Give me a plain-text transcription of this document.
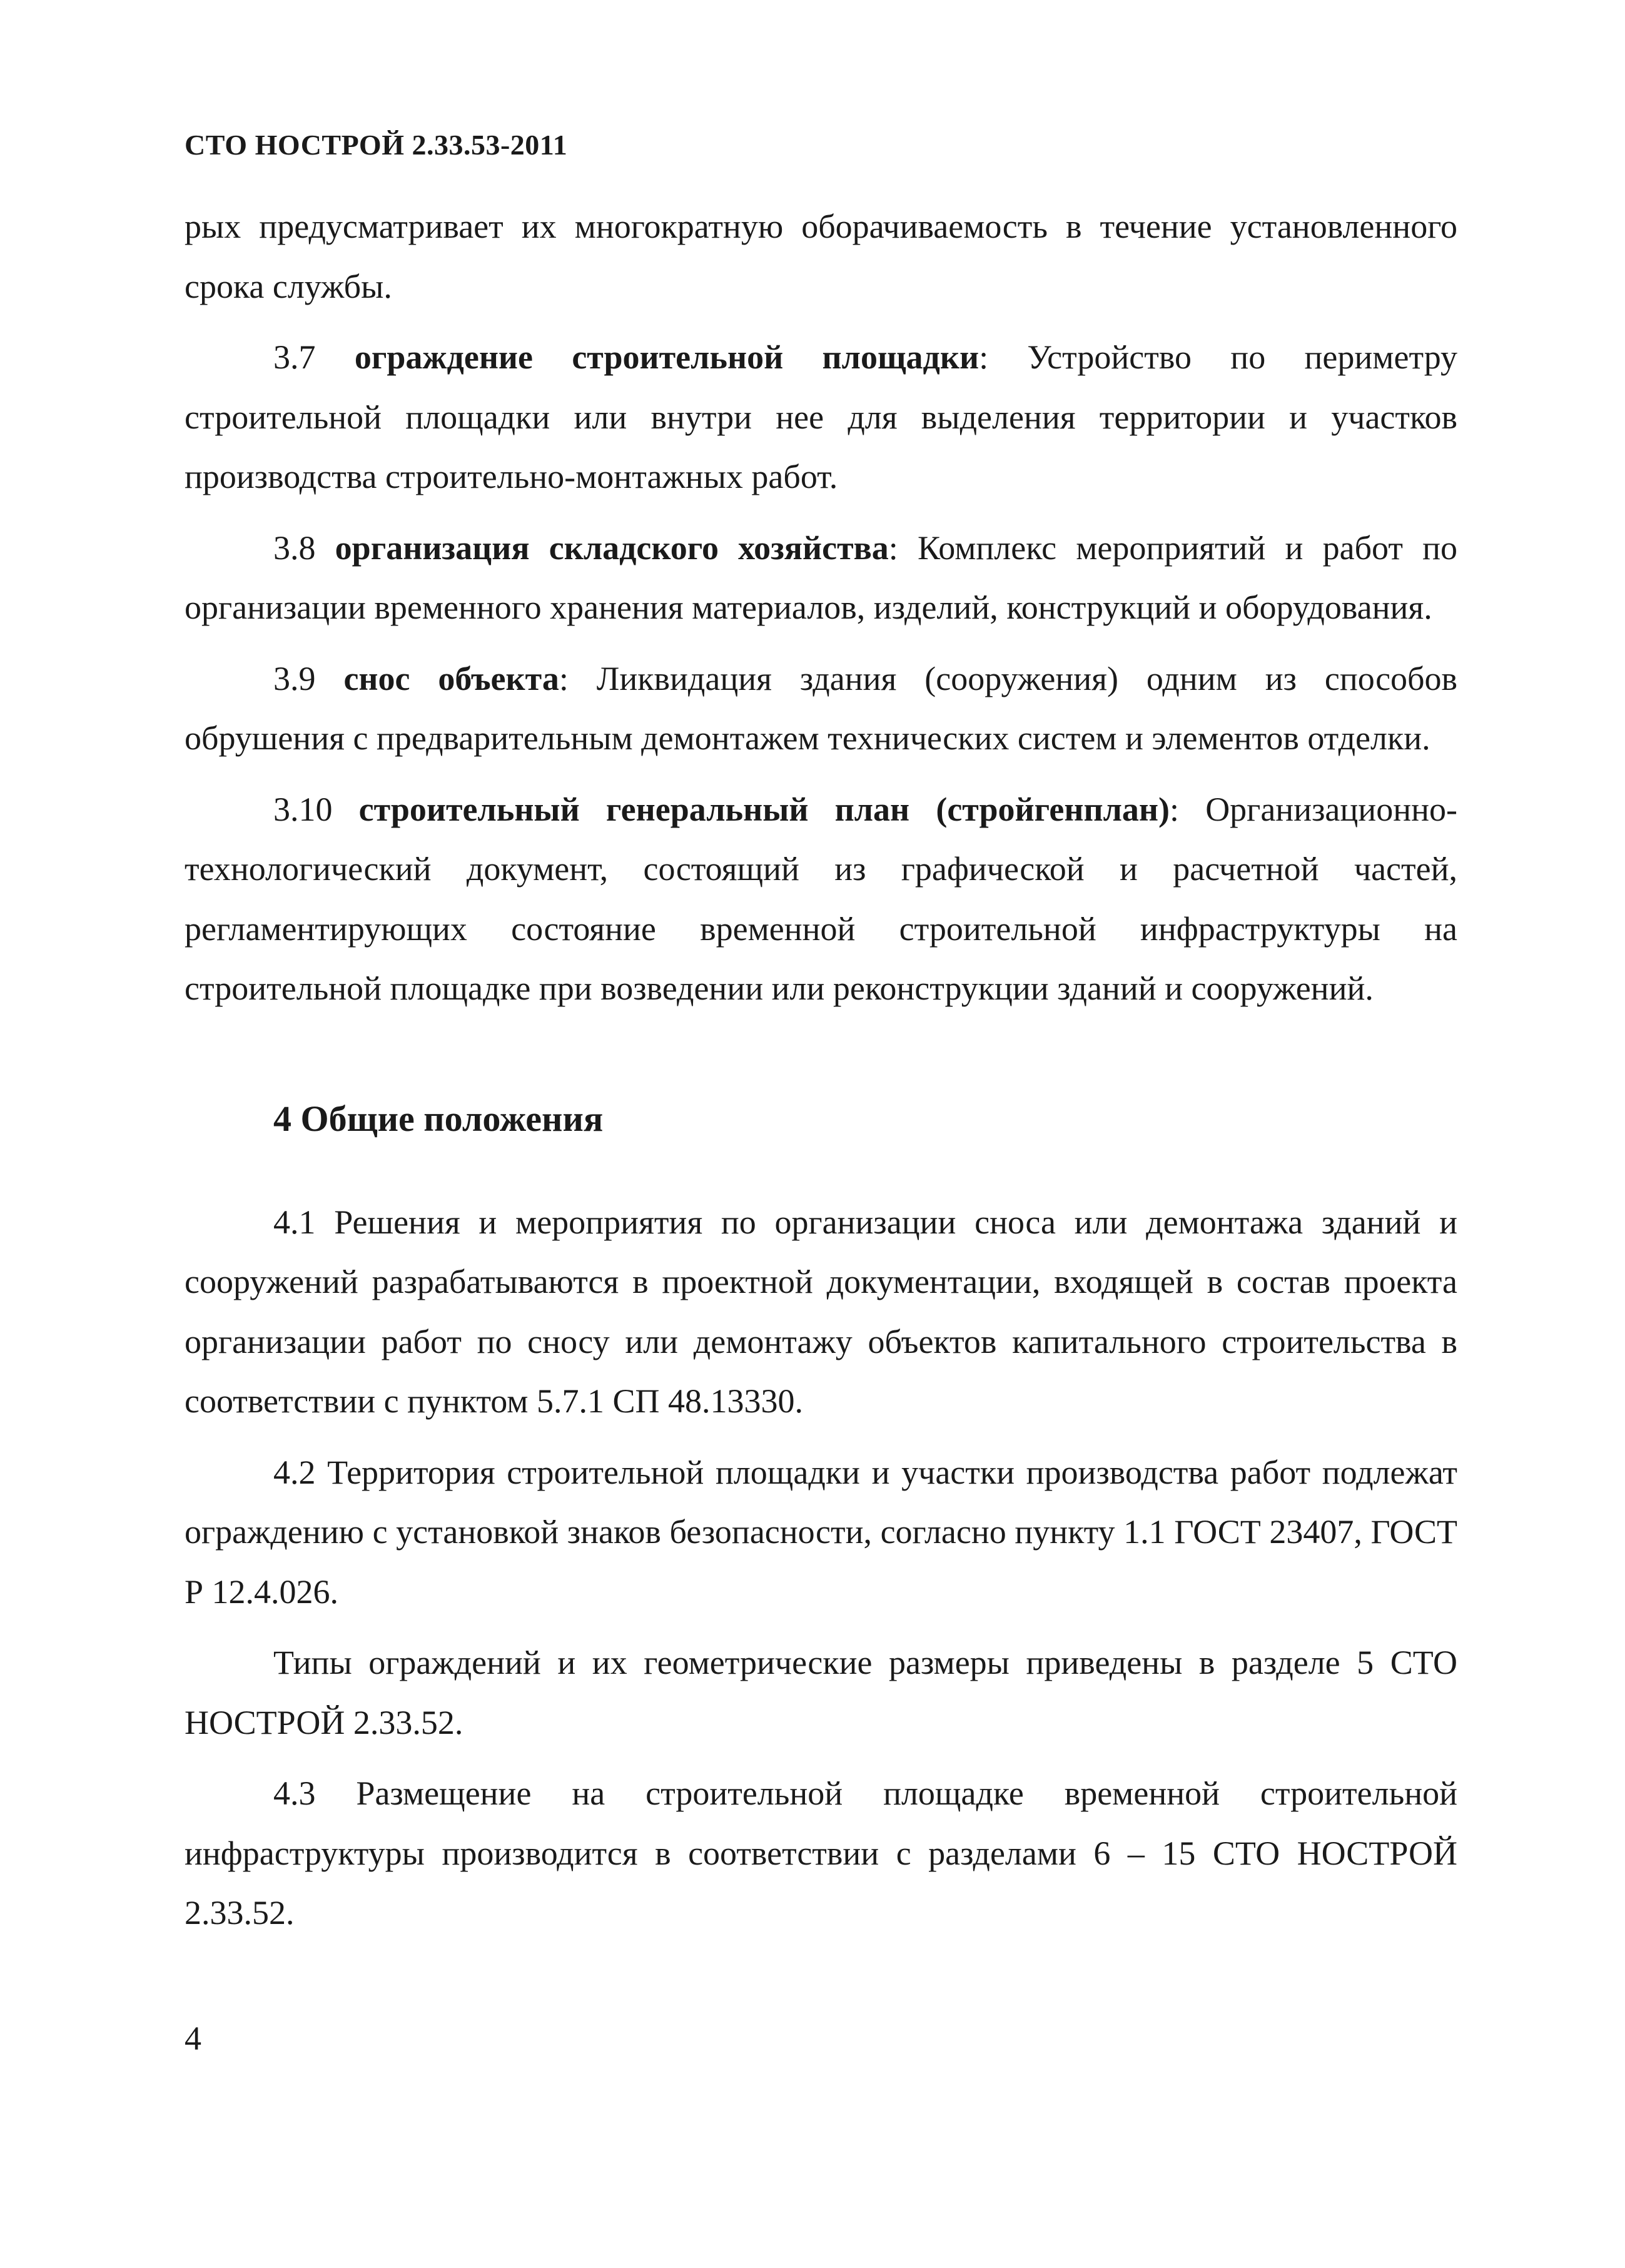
СТО НОСТРОЙ 2.33.53-2011

рых предусматривает их многократную оборачиваемость в течение установленного срока службы.

3.7 ограждение строительной площадки: Устройство по периметру строительной площадки или внутри нее для выделения территории и участков производства строительно-монтажных работ.

3.8 организация складского хозяйства: Комплекс мероприятий и работ по организации временного хранения материалов, изделий, конструкций и оборудования.

3.9 снос объекта: Ликвидация здания (сооружения) одним из способов обрушения с предварительным демонтажем технических систем и элементов отделки.

3.10 строительный генеральный план (стройгенплан): Организационно-технологический документ, состоящий из графической и расчетной частей, регламентирующих состояние временной строительной инфраструктуры на строительной площадке при возведении или реконструкции зданий и сооружений.

4 Общие положения

4.1 Решения и мероприятия по организации сноса или демонтажа зданий и сооружений разрабатываются в проектной документации, входящей в состав проекта организации работ по сносу или демонтажу объектов капитального строительства в соответствии с пунктом 5.7.1 СП 48.13330.

4.2 Территория строительной площадки и участки производства работ подлежат ограждению с установкой знаков безопасности, согласно пункту 1.1 ГОСТ 23407, ГОСТ Р 12.4.026.

Типы ограждений и их геометрические размеры приведены в разделе 5 СТО НОСТРОЙ 2.33.52.

4.3 Размещение на строительной площадке временной строительной инфраструктуры производится в соответствии с разделами 6 – 15 СТО НОСТРОЙ 2.33.52.

4
